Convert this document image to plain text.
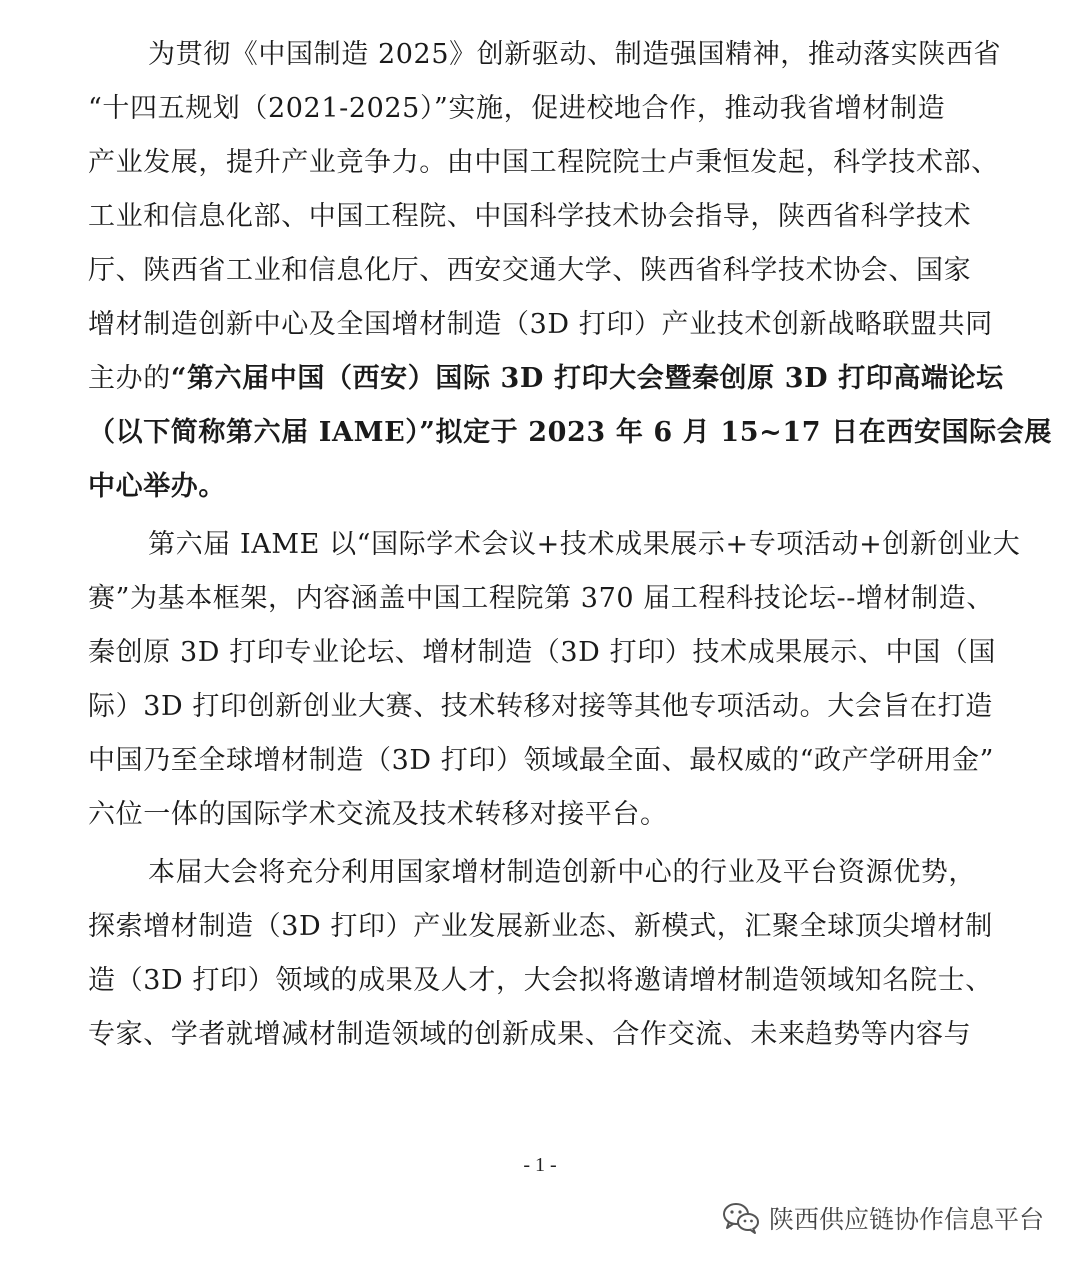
为贯彻《中国制造 2025》创新驱动、制造强国精神，推动落实陕西省
“十四五规划（2021-2025）”实施，促进校地合作，推动我省增材制造
产业发展，提升产业竞争力。由中国工程院院士卢秉恒发起，科学技术部、
工业和信息化部、中国工程院、中国科学技术协会指导，陕西省科学技术
厅、陕西省工业和信息化厅、西安交通大学、陕西省科学技术协会、国家
增材制造创新中心及全国增材制造（3D 打印）产业技术创新战略联盟共同
主办的“第六届中国（西安）国际 3D 打印大会暨秦创原 3D 打印高端论坛
（以下简称第六届 IAME）”拟定于 2023 年 6 月 15~17 日在西安国际会展
中心举办。
第六届 IAME 以“国际学术会议+技术成果展示+专项活动+创新创业大
赛”为基本框架，内容涵盖中国工程院第 370 届工程科技论坛--增材制造、
秦创原 3D 打印专业论坛、增材制造（3D 打印）技术成果展示、中国（国
际）3D 打印创新创业大赛、技术转移对接等其他专项活动。大会旨在打造
中国乃至全球增材制造（3D 打印）领域最全面、最权威的“政产学研用金”
六位一体的国际学术交流及技术转移对接平台。
本届大会将充分利用国家增材制造创新中心的行业及平台资源优势，
探索增材制造（3D 打印）产业发展新业态、新模式，汇聚全球顶尖增材制
造（3D 打印）领域的成果及人才，大会拟将邀请增材制造领域知名院士、
专家、学者就增减材制造领域的创新成果、合作交流、未来趋势等内容与
- 1 -
陕西供应链协作信息平台
